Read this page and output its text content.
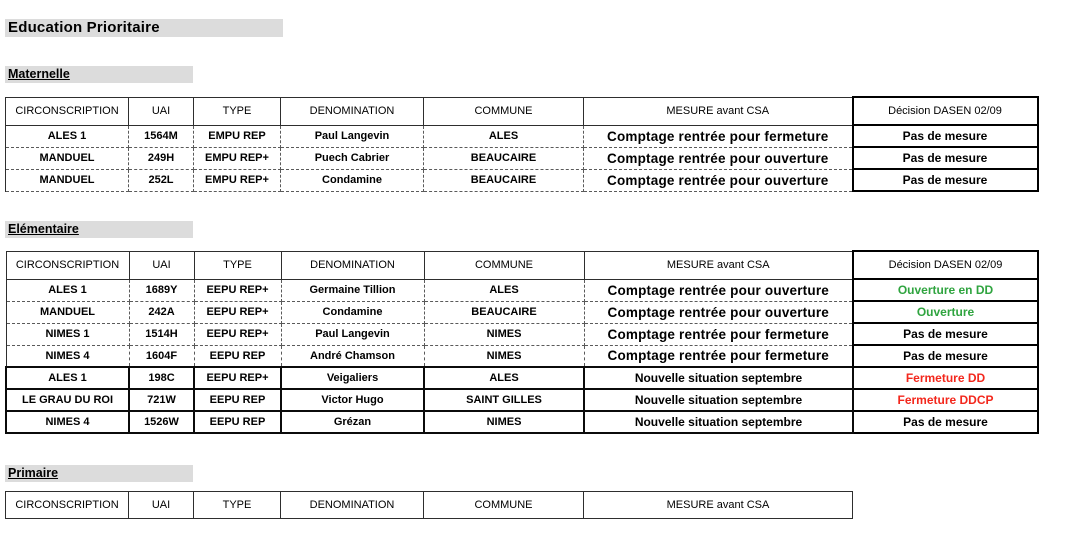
Education Prioritaire
Maternelle
CIRCONSCRIPTION	UAI	TYPE	DENOMINATION	COMMUNE	MESURE avant CSA	Décision DASEN 02/09
ALES 1	1564M	EMPU REP	Paul Langevin	ALES	Comptage rentrée pour fermeture	Pas de mesure
MANDUEL	249H	EMPU REP+	Puech Cabrier	BEAUCAIRE	Comptage rentrée pour ouverture	Pas de mesure
MANDUEL	252L	EMPU REP+	Condamine	BEAUCAIRE	Comptage rentrée pour ouverture	Pas de mesure
Elémentaire
CIRCONSCRIPTION	UAI	TYPE	DENOMINATION	COMMUNE	MESURE avant CSA	Décision DASEN 02/09
ALES 1	1689Y	EEPU REP+	Germaine Tillion	ALES	Comptage rentrée pour ouverture	Ouverture en DD
MANDUEL	242A	EEPU REP+	Condamine	BEAUCAIRE	Comptage rentrée pour ouverture	Ouverture
NIMES 1	1514H	EEPU REP+	Paul Langevin	NIMES	Comptage rentrée pour fermeture	Pas de mesure
NIMES 4	1604F	EEPU REP	André Chamson	NIMES	Comptage rentrée pour fermeture	Pas de mesure
ALES 1	198C	EEPU REP+	Veigaliers	ALES	Nouvelle situation septembre	Fermeture DD
LE GRAU DU ROI	721W	EEPU REP	Victor Hugo	SAINT GILLES	Nouvelle situation septembre	Fermeture DDCP
NIMES 4	1526W	EEPU REP	Grézan	NIMES	Nouvelle situation septembre	Pas de mesure
Primaire
CIRCONSCRIPTION	UAI	TYPE	DENOMINATION	COMMUNE	MESURE avant CSA
